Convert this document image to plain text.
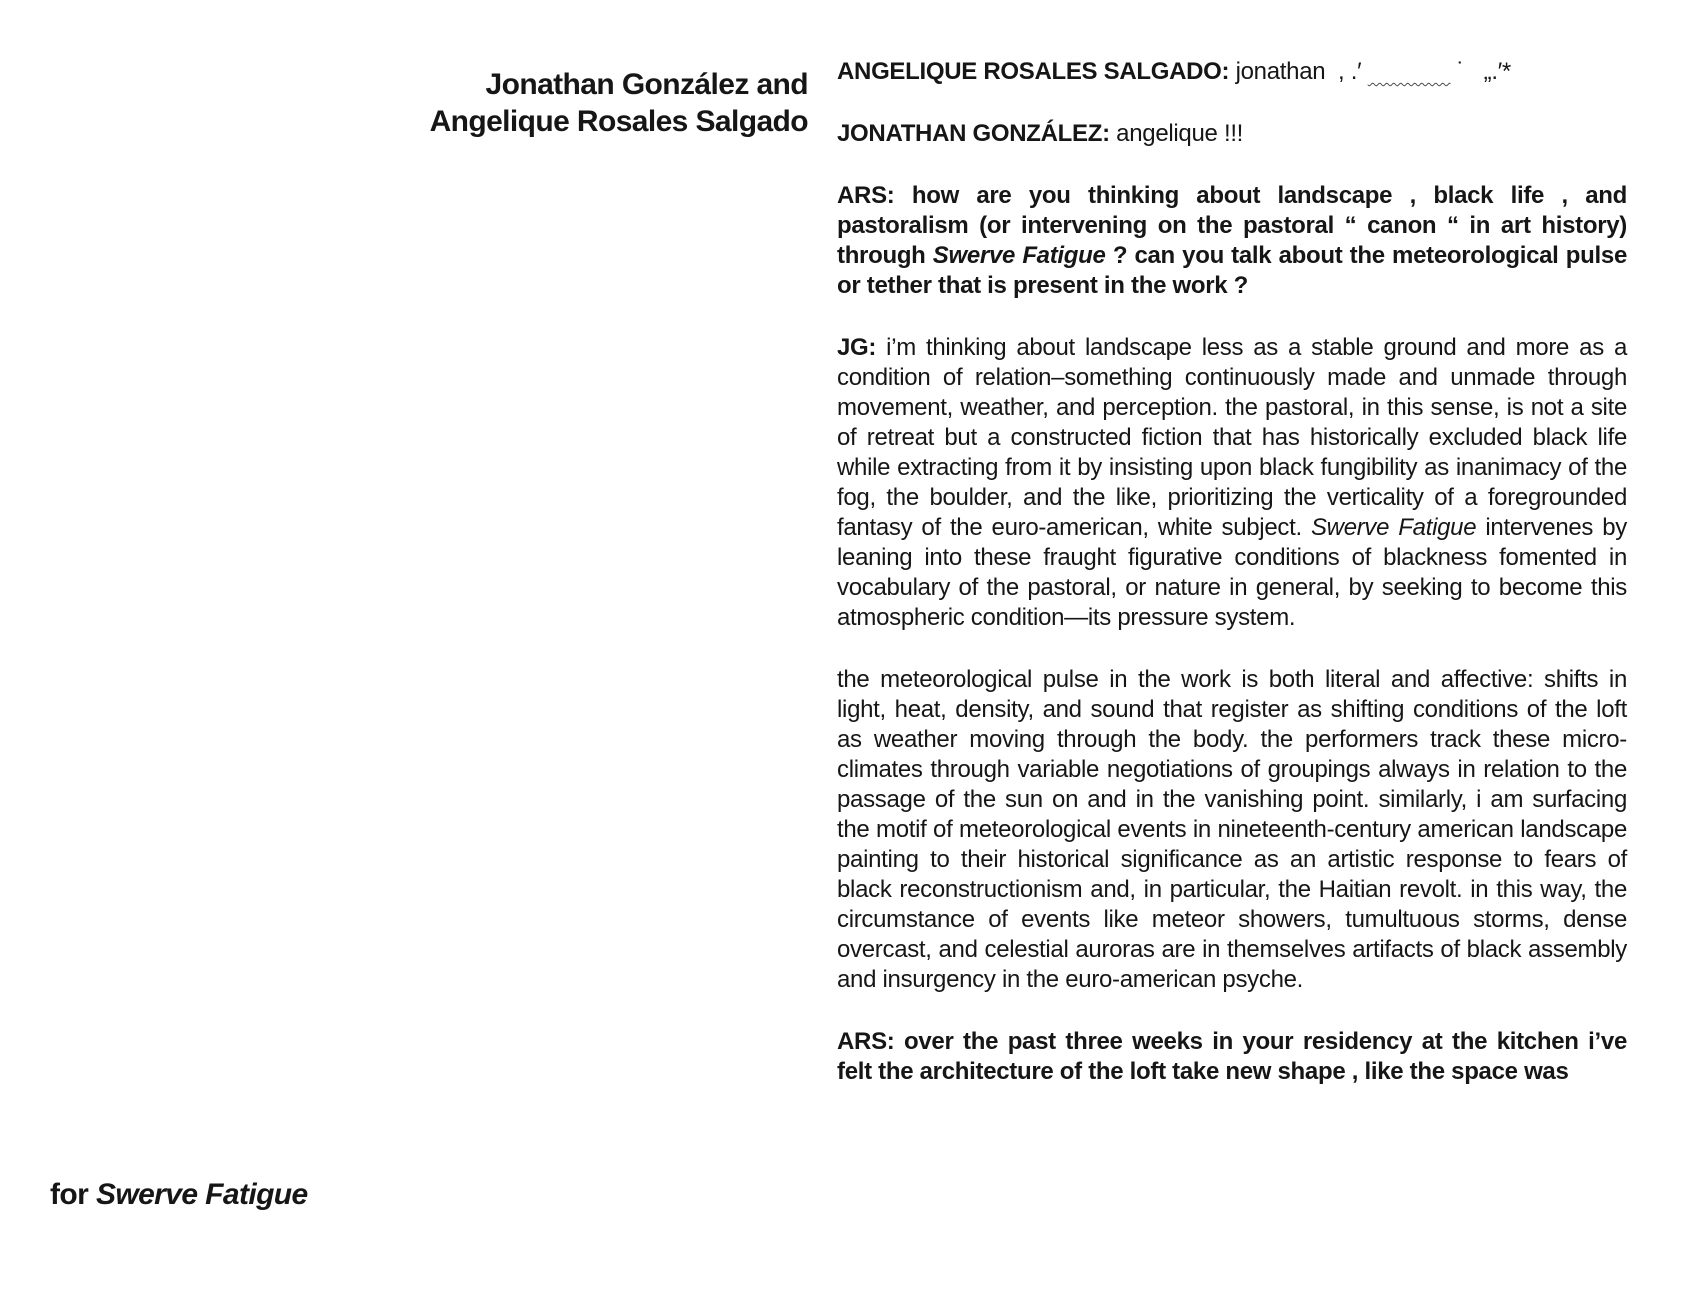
Jonathan González and
Angelique Rosales Salgado
for Swerve Fatigue

ANGELIQUE ROSALES SALGADO: jonathan  , .′	˙   „.′*

JONATHAN GONZÁLEZ: angelique !!!

ARS: how are you thinking about landscape , black life , and pastoralism (or intervening on the pastoral “ canon “ in art history) through Swerve Fatigue ? can you talk about the meteorological pulse or tether that is present in the work ?

JG: i’m thinking about landscape less as a stable ground and more as a condition of relation–something continuously made and unmade through movement, weather, and perception. the pastoral, in this sense, is not a site of retreat but a constructed fiction that has historically excluded black life while extracting from it by insisting upon black fungibility as inanimacy of the fog, the boulder, and the like, prioritizing the verticality of a foregrounded fantasy of the euro-american, white subject. Swerve Fatigue intervenes by leaning into these fraught figurative conditions of blackness fomented in vocabulary of the pastoral, or nature in general, by seeking to become this atmospheric condition—its pressure system.

the meteorological pulse in the work is both literal and affective: shifts in light, heat, density, and sound that register as shifting conditions of the loft as weather moving through the body. the performers track these micro-climates through variable negotiations of groupings always in relation to the passage of the sun on and in the vanishing point. similarly, i am surfacing the motif of meteorological events in nineteenth-century american landscape painting to their historical significance as an artistic response to fears of black reconstructionism and, in particular, the Haitian revolt. in this way, the circumstance of events like meteor showers, tumultuous storms, dense overcast, and celestial auroras are in themselves artifacts of black assembly and insurgency in the euro-american psyche.

ARS: over the past three weeks in your residency at the kitchen i’ve felt the architecture of the loft take new shape , like the space was
